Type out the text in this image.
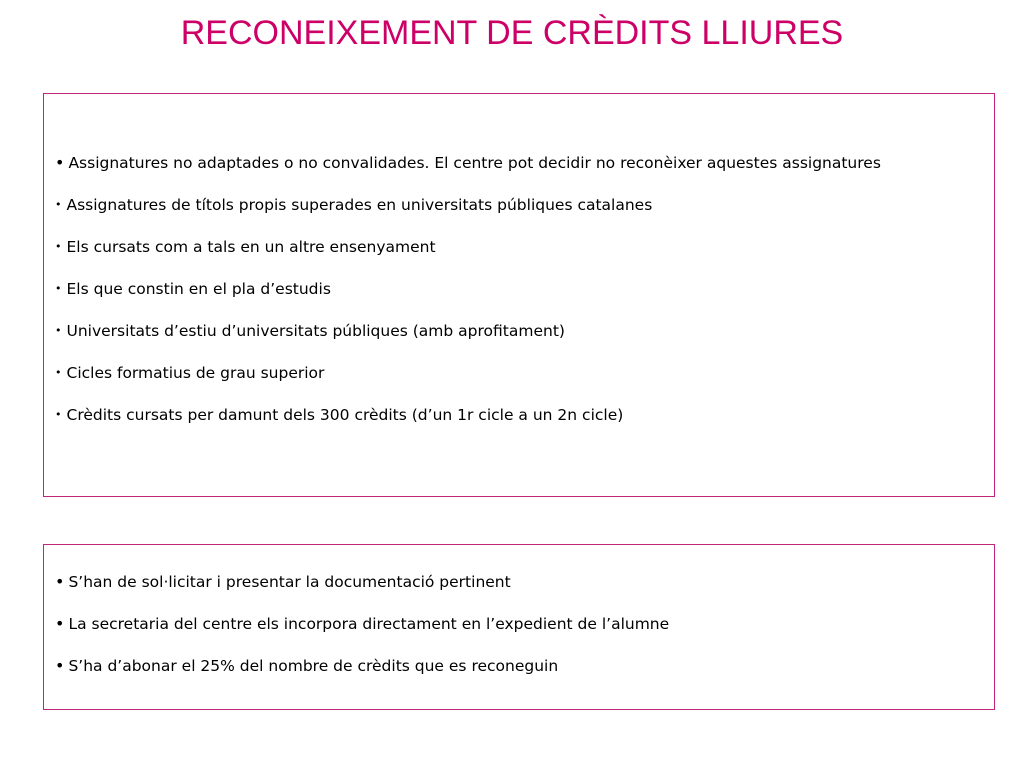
RECONEIXEMENT DE CRÈDITS LLIURES
• Assignatures no adaptades o no convalidades. El centre pot decidir no reconèixer aquestes assignatures
• Assignatures de títols propis superades en universitats públiques catalanes
• Els cursats com a tals en un altre ensenyament
• Els que constin en el pla d’estudis
• Universitats d’estiu d’universitats públiques (amb aprofitament)
• Cicles formatius de grau superior
• Crèdits cursats per damunt dels 300 crèdits (d’un 1r cicle a un 2n cicle)
• S’han de sol·licitar i presentar la documentació pertinent
• La secretaria del centre els incorpora directament en l’expedient de l’alumne
• S’ha d’abonar el 25% del nombre de crèdits que es reconeguin
